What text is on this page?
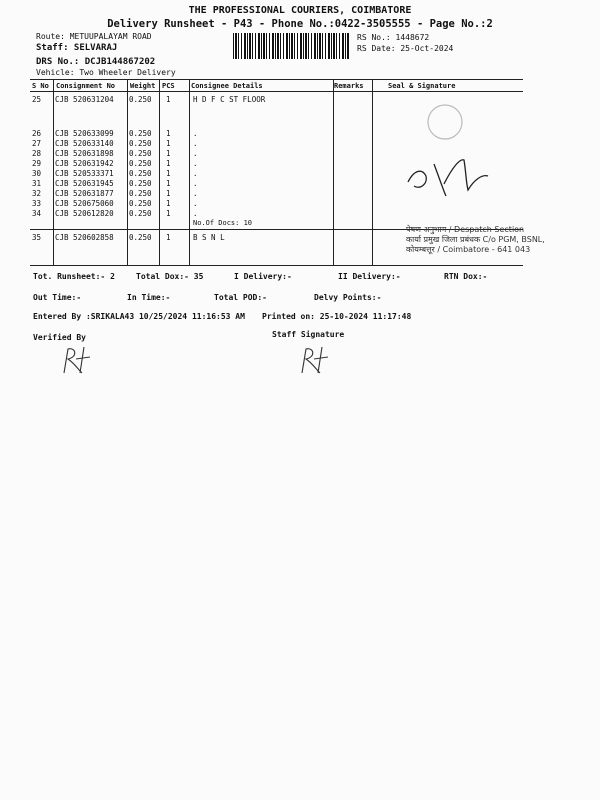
THE PROFESSIONAL COURIERS, COIMBATORE
Delivery Runsheet - P43 - Phone No.:0422-3505555 - Page No.:2
Route: METUUPALAYAM ROAD
Staff: SELVARAJ
DRS No.: DCJB144867202
Vehicle: Two Wheeler Delivery
RS No.: 1448672
RS Date: 25-Oct-2024
S No Consignment No Weight PCS Consignee Details	Remarks	Seal & Signature
25 CJB 520631204 0.250 1	H D F C ST FLOOR
26 CJB 520633099 0.250 1	.
27 CJB 520633140 0.250 1	.
28 CJB 520631898 0.250 1	.
29 CJB 520631942 0.250 1	.
30 CJB 520533371 0.250 1	.
31 CJB 520631945 0.250 1	.
32 CJB 520631877 0.250 1	.
33 CJB 520675060 0.250 1	.
34 CJB 520612820 0.250 1	.
No.Of Docs: 10
35 CJB 520602858 0.250 1	B S N L
पेषण अनुभाग / Despatch Section
कार्या प्रमुख जिला प्रबंधक C/o PGM, BSNL,
कोयम्बत्तूर / Coimbatore - 641 043
Tot. Runsheet:- 2	Total Dox:- 35	I Delivery:-	II Delivery:-	RTN Dox:-
Out Time:-	In Time:-	Total POD:-	Delvy Points:-
Entered By :SRIKALA43 10/25/2024 11:16:53 AM Printed on: 25-10-2024 11:17:48
Verified By	Staff Signature
